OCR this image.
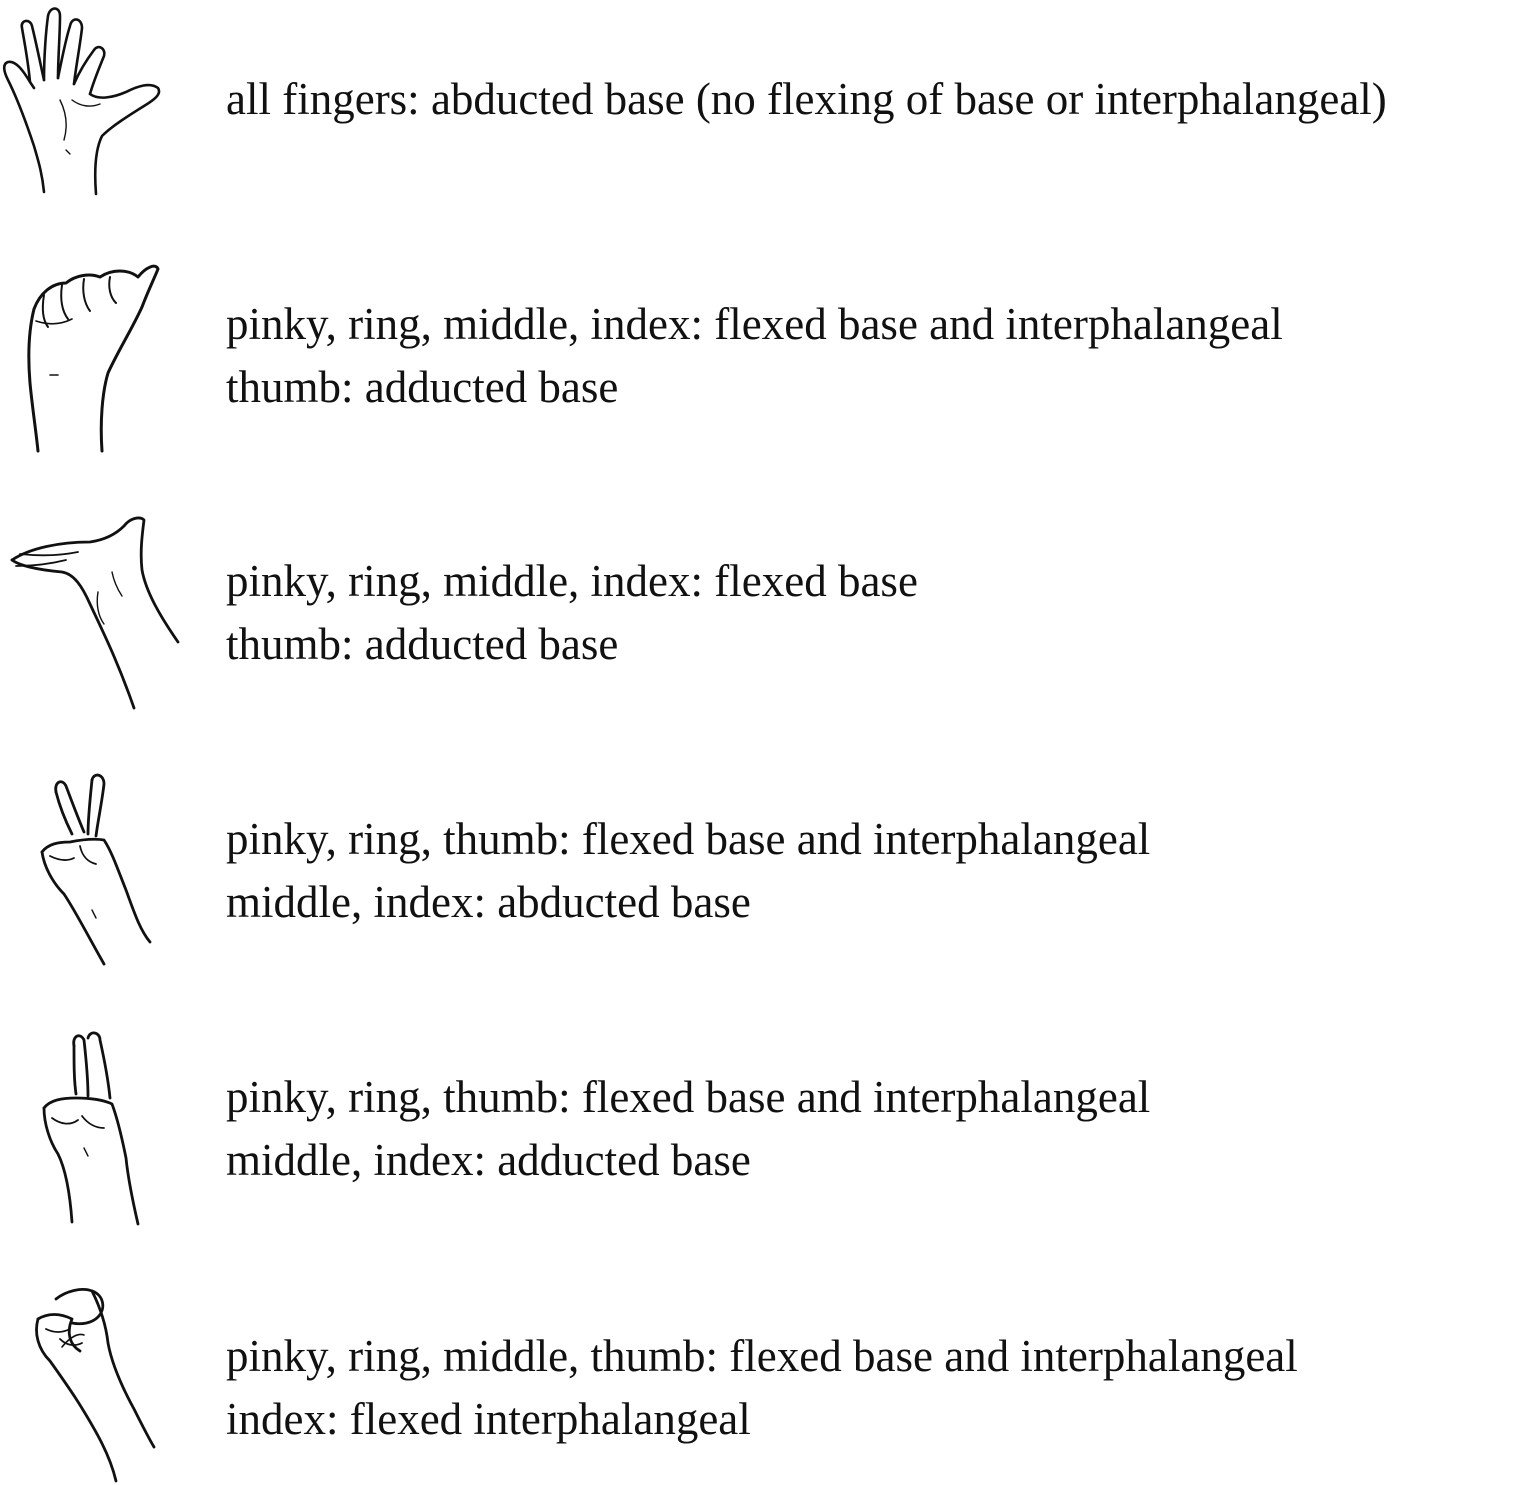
all fingers: abducted base (no flexing of base or interphalangeal)
pinky, ring, middle, index: flexed base and interphalangeal
thumb: adducted base
pinky, ring, middle, index: flexed base
thumb: adducted base
pinky, ring, thumb: flexed base and interphalangeal
middle, index: abducted base
pinky, ring, thumb: flexed base and interphalangeal
middle, index: adducted base
pinky, ring, middle, thumb: flexed base and interphalangeal
index: flexed interphalangeal
